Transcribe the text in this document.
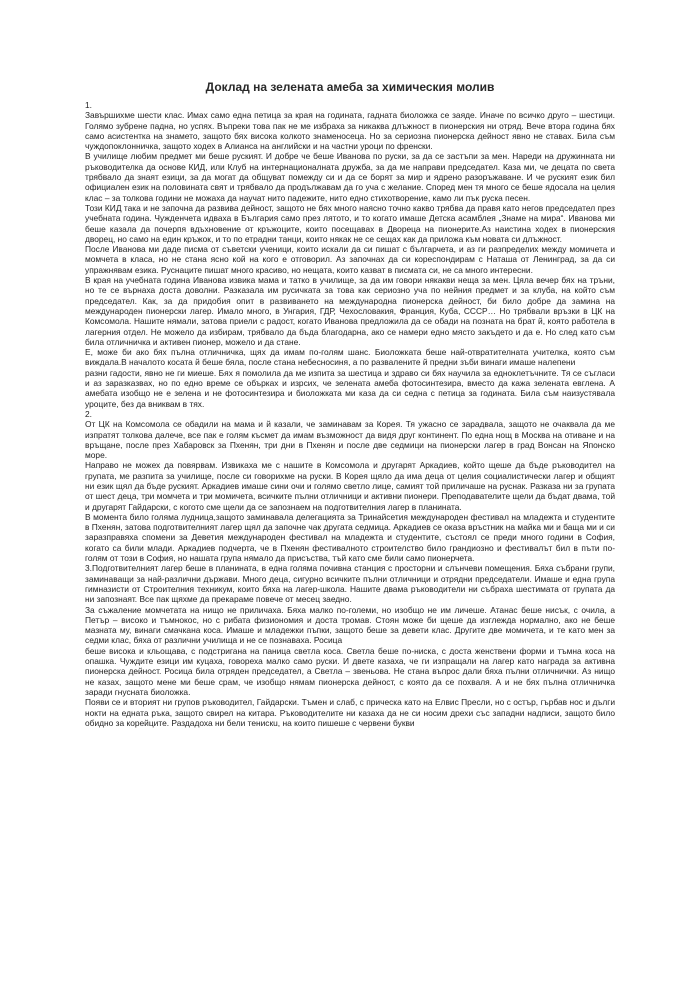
Доклад на зелената амеба за химическия молив

1.

Завършихме шести клас. Имах само една петица за края на годината, гадната биоложка се заяде. Иначе по всичко друго – шестици. Голямо зубрене падна, но успях. Въпреки това пак не ме избраха за никаква длъжност в пионерския ни отряд. Вече втора година бях само асистентка на знамето, защото бях висока колкото знаменосеца. Но за сериозна пионерска дейност явно не ставах. Била съм чуждопоклонничка, защото ходех в Алианса на английски и на частни уроци по френски.

В училище любим предмет ми беше руският. И добре че беше Иванова по руски, за да се застъпи за мен. Нареди на дружинната ни ръководителка да основе КИД, или Клуб на интернационалната дружба, за да ме направи председател. Каза ми, че децата по света трябвало да знаят езици, за да могат да общуват помежду си и да се борят за мир и ядрено разоръжаване. И че руският език бил официален език на половината свят и трябвало да продължавам да го уча с желание. Според мен тя много се беше ядосала на целия клас – за толкова години не можаха да научат нито падежите, нито едно стихотворение, камо ли пък руска песен.

Този КИД така и не започна да развива дейност, защото не бях много наясно точно какво трябва да правя като негов председател през учебната година. Чужденчета идваха в България само през лятото, и то когато имаше Детска асамблея „Знаме на мира“. Иванова ми беше казала да почерпя вдъхновение от кръжоците, които посещавах в Двореца на пионерите.Аз наистина ходех в пионерския дворец, но само на един кръжок, и то по етрадни танци, които някак не се сещах как да приложа към новата си длъжност.

После Иванова ми даде писма от съветски ученици, които искали да си пишат с българчета, и аз ги разпределих между момичета и момчета в класа, но не стана ясно кой на кого е отговорил. Аз започнах да си кореспондирам с Наташа от Ленинград, за да си упражнявам езика. Руснаците пишат много красиво, но нещата, които казват в писмата си, не са много интересни.

В края на учебната година Иванова извика мама и татко в училище, за да им говори някакви неща за мен. Цяла вечер бях на тръни, но те се върнаха доста доволни. Разказала им русичката за това как сериозно уча по нейния предмет и за клуба, на който съм председател. Как, за да придобия опит в развиването на международна пионерска дейност, би било добре да замина на международен пионерски лагер. Имало много, в Унгария, ГДР, Чехословакия, Франция, Куба, СССР… Но трябвали връзки в ЦК на Комсомола. Нашите нямали, затова приели с радост, когато Иванова предложила да се обади на позната на брат й, която работела в лагерния отдел. Не можело да избирам, трябвало да бъда благодарна, ако се намери едно място закъдето и да е. Но след като съм била отличничка и активен пионер, можело и да стане.

Е, може би ако бях пълна отличничка, щях да имам по-голям шанс. Биоложката беше най-отвратителната учителка, която съм виждала.В началото косата й беше бяла, после стана небесносиня, а по развалените й предни зъби винаги имаше налепени

разни гадости, явно не ги миеше. Бях я помолила да ме изпита за шестица и здраво си бях научила за едноклетъчните. Тя се съгласи и аз заразказвах, но по едно време се обърках и изрсих, че зелената амеба фотосинтезира, вместо да кажа зелената евглена. А амебата изобщо не е зелена и не фотосинтезира и биоложката ми каза да си седна с петица за годината. Била съм наизустявала уроците, без да вниквам в тях.

2.

От ЦК на Комсомола се обадили на мама и й казали, че заминавам за Корея. Тя ужасно се зарадвала, защото не очаквала да ме изпратят толкова далече, все пак е голям късмет да имам възможност да видя друг континент. По една нощ в Москва на отиване и на връщане, после през Хабаровск за Пхенян, три дни в Пхенян и после две седмици на пионерски лагер в град Вонсан на Японско море.

Направо не можех да повярвам. Извикаха ме с нашите в Комсомола и другарят Аркадиев, който щеше да бъде ръководител на групата, ме разпита за училище, после си говорихме на руски. В Корея щяло да има деца от целия социалистически лагер и общият ни език щял да бъде руският. Аркадиев имаше сини очи и голямо светло лице, самият той приличаше на руснак. Разказа ни за групата от шест деца, три момчета и три момичета, всичките пълни отличници и активни пионери. Преподавателите щели да бъдат двама, той и другарят Гайдарски, с когото сме щели да се запознаем на подготвителния лагер в планината.

В момента било голяма лудница,защото заминавала делегацията за Тринайсетия международен фестивал на младежта и студентите в Пхенян, затова подготвителният лагер щял да започне чак другата седмица. Аркадиев се оказа връстник на майка ми и баща ми и си заразправяха спомени за Деветия международен фестивал на младежта и студентите, състоял се преди много години в София, когато са били млади. Аркадиев подчерта, че в Пхенян фестивалното строителство било грандиозно и фестивалът бил в пъти по-голям от този в София, но нашата група нямало да присъства, тъй като сме били само пионерчета.

3.Подготвителният лагер беше в планината, в една голяма почивна станция с просторни и слънчеви помещения. Бяха събрани групи, заминаващи за най-различни държави. Много деца, сигурно всичките пълни отличници и отрядни председатели. Имаше и една група гимназисти от Строителния техникум, които бяха на лагер-школа. Нашите двама ръководители ни събраха шестимата от групата да ни запознаят. Все пак щяхме да прекараме повече от месец заедно.

За съжаление момчетата на нищо не приличаха. Бяха малко по-големи, но изобщо не им личеше. Атанас беше нисък, с очила, а Петър – високо и тъмнокос, но с рибата физиономия и доста тромав. Стоян може би щеше да изглежда нормално, ако не беше мазната му, винаги смачкана коса. Имаше и младежки пъпки, защото беше за девети клас. Другите две момичета, и те като мен за седми клас, бяха от различни училища и не се познаваха. Росица

беше висока и кльощава, с подстригана на паница светла коса. Светла беше по-ниска, с доста женствени форми и тъмна коса на опашка. Чуждите езици им куцаха, говореха малко само руски. И двете казаха, че ги изпращали на лагер като награда за активна пионерска дейност. Росица била отряден председател, а Светла – звеньова. Не стана въпрос дали бяха пълни отличнички. Аз нищо не казах, защото мене ми беше срам, че изобщо нямам пионерска дейност, с която да се похваля. А и не бях пълна отличничка заради гнусната биоложка.

Появи се и вторият ни групов ръководител, Гайдарски. Тъмен и слаб, с прическа като на Елвис Пресли, но с остър, гърбав нос и дълги нокти на едната ръка, защото свирел на китара. Ръководителите ни казаха да не си носим дрехи със западни надписи, защото било обидно за корейците. Раздадоха ни бели тенискu, на които пишеше с червени букви
